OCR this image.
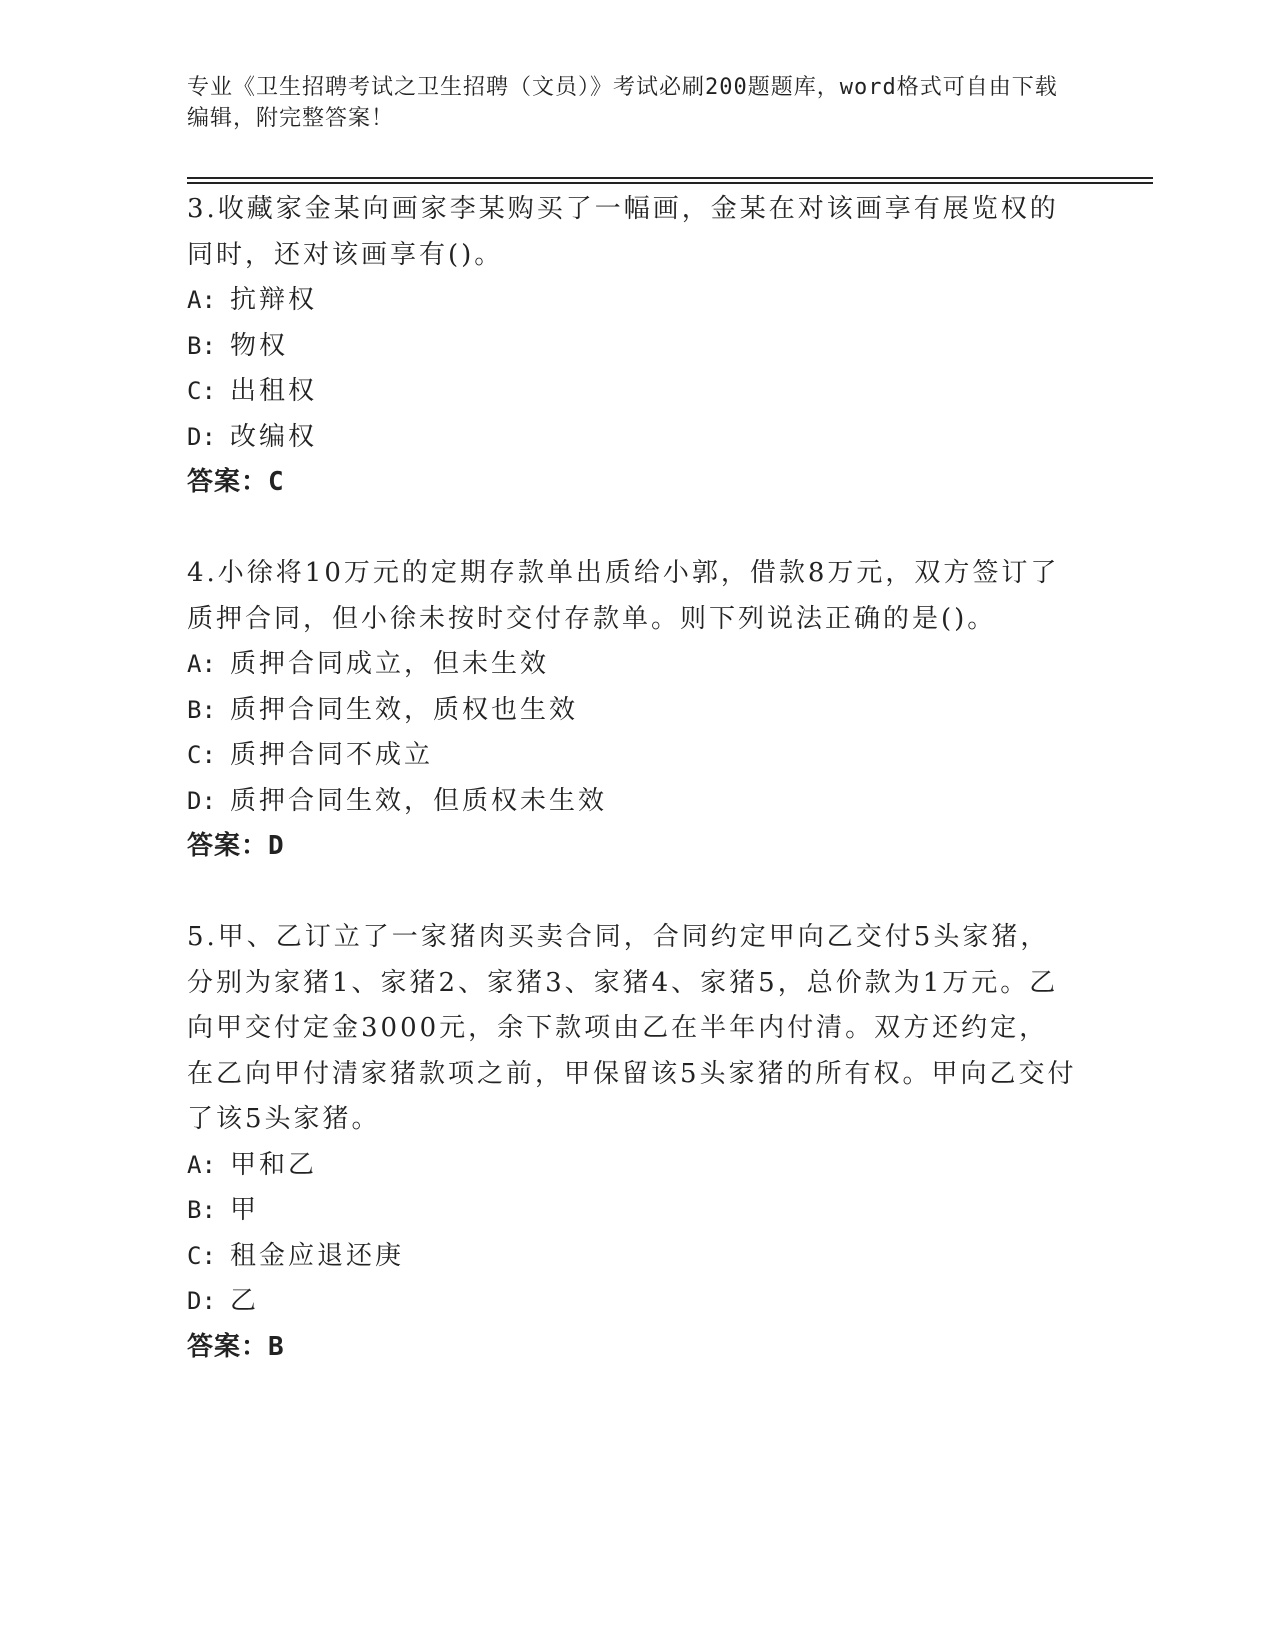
专业《卫生招聘考试之卫生招聘（文员）》考试必刷200题题库，word格式可自由下载编辑，附完整答案！

3.收藏家金某向画家李某购买了一幅画，金某在对该画享有展览权的同时，还对该画享有()。

A: 抗辩权

B: 物权

C: 出租权

D: 改编权

答案：C

4.小徐将10万元的定期存款单出质给小郭，借款8万元，双方签订了质押合同，但小徐未按时交付存款单。则下列说法正确的是()。

A: 质押合同成立，但未生效

B: 质押合同生效，质权也生效

C: 质押合同不成立

D: 质押合同生效，但质权未生效

答案：D

5.甲、乙订立了一家猪肉买卖合同，合同约定甲向乙交付5头家猪，分别为家猪1、家猪2、家猪3、家猪4、家猪5，总价款为1万元。乙向甲交付定金3000元，余下款项由乙在半年内付清。双方还约定，在乙向甲付清家猪款项之前，甲保留该5头家猪的所有权。甲向乙交付了该5头家猪。

A: 甲和乙

B: 甲

C: 租金应退还庚

D: 乙

答案：B
